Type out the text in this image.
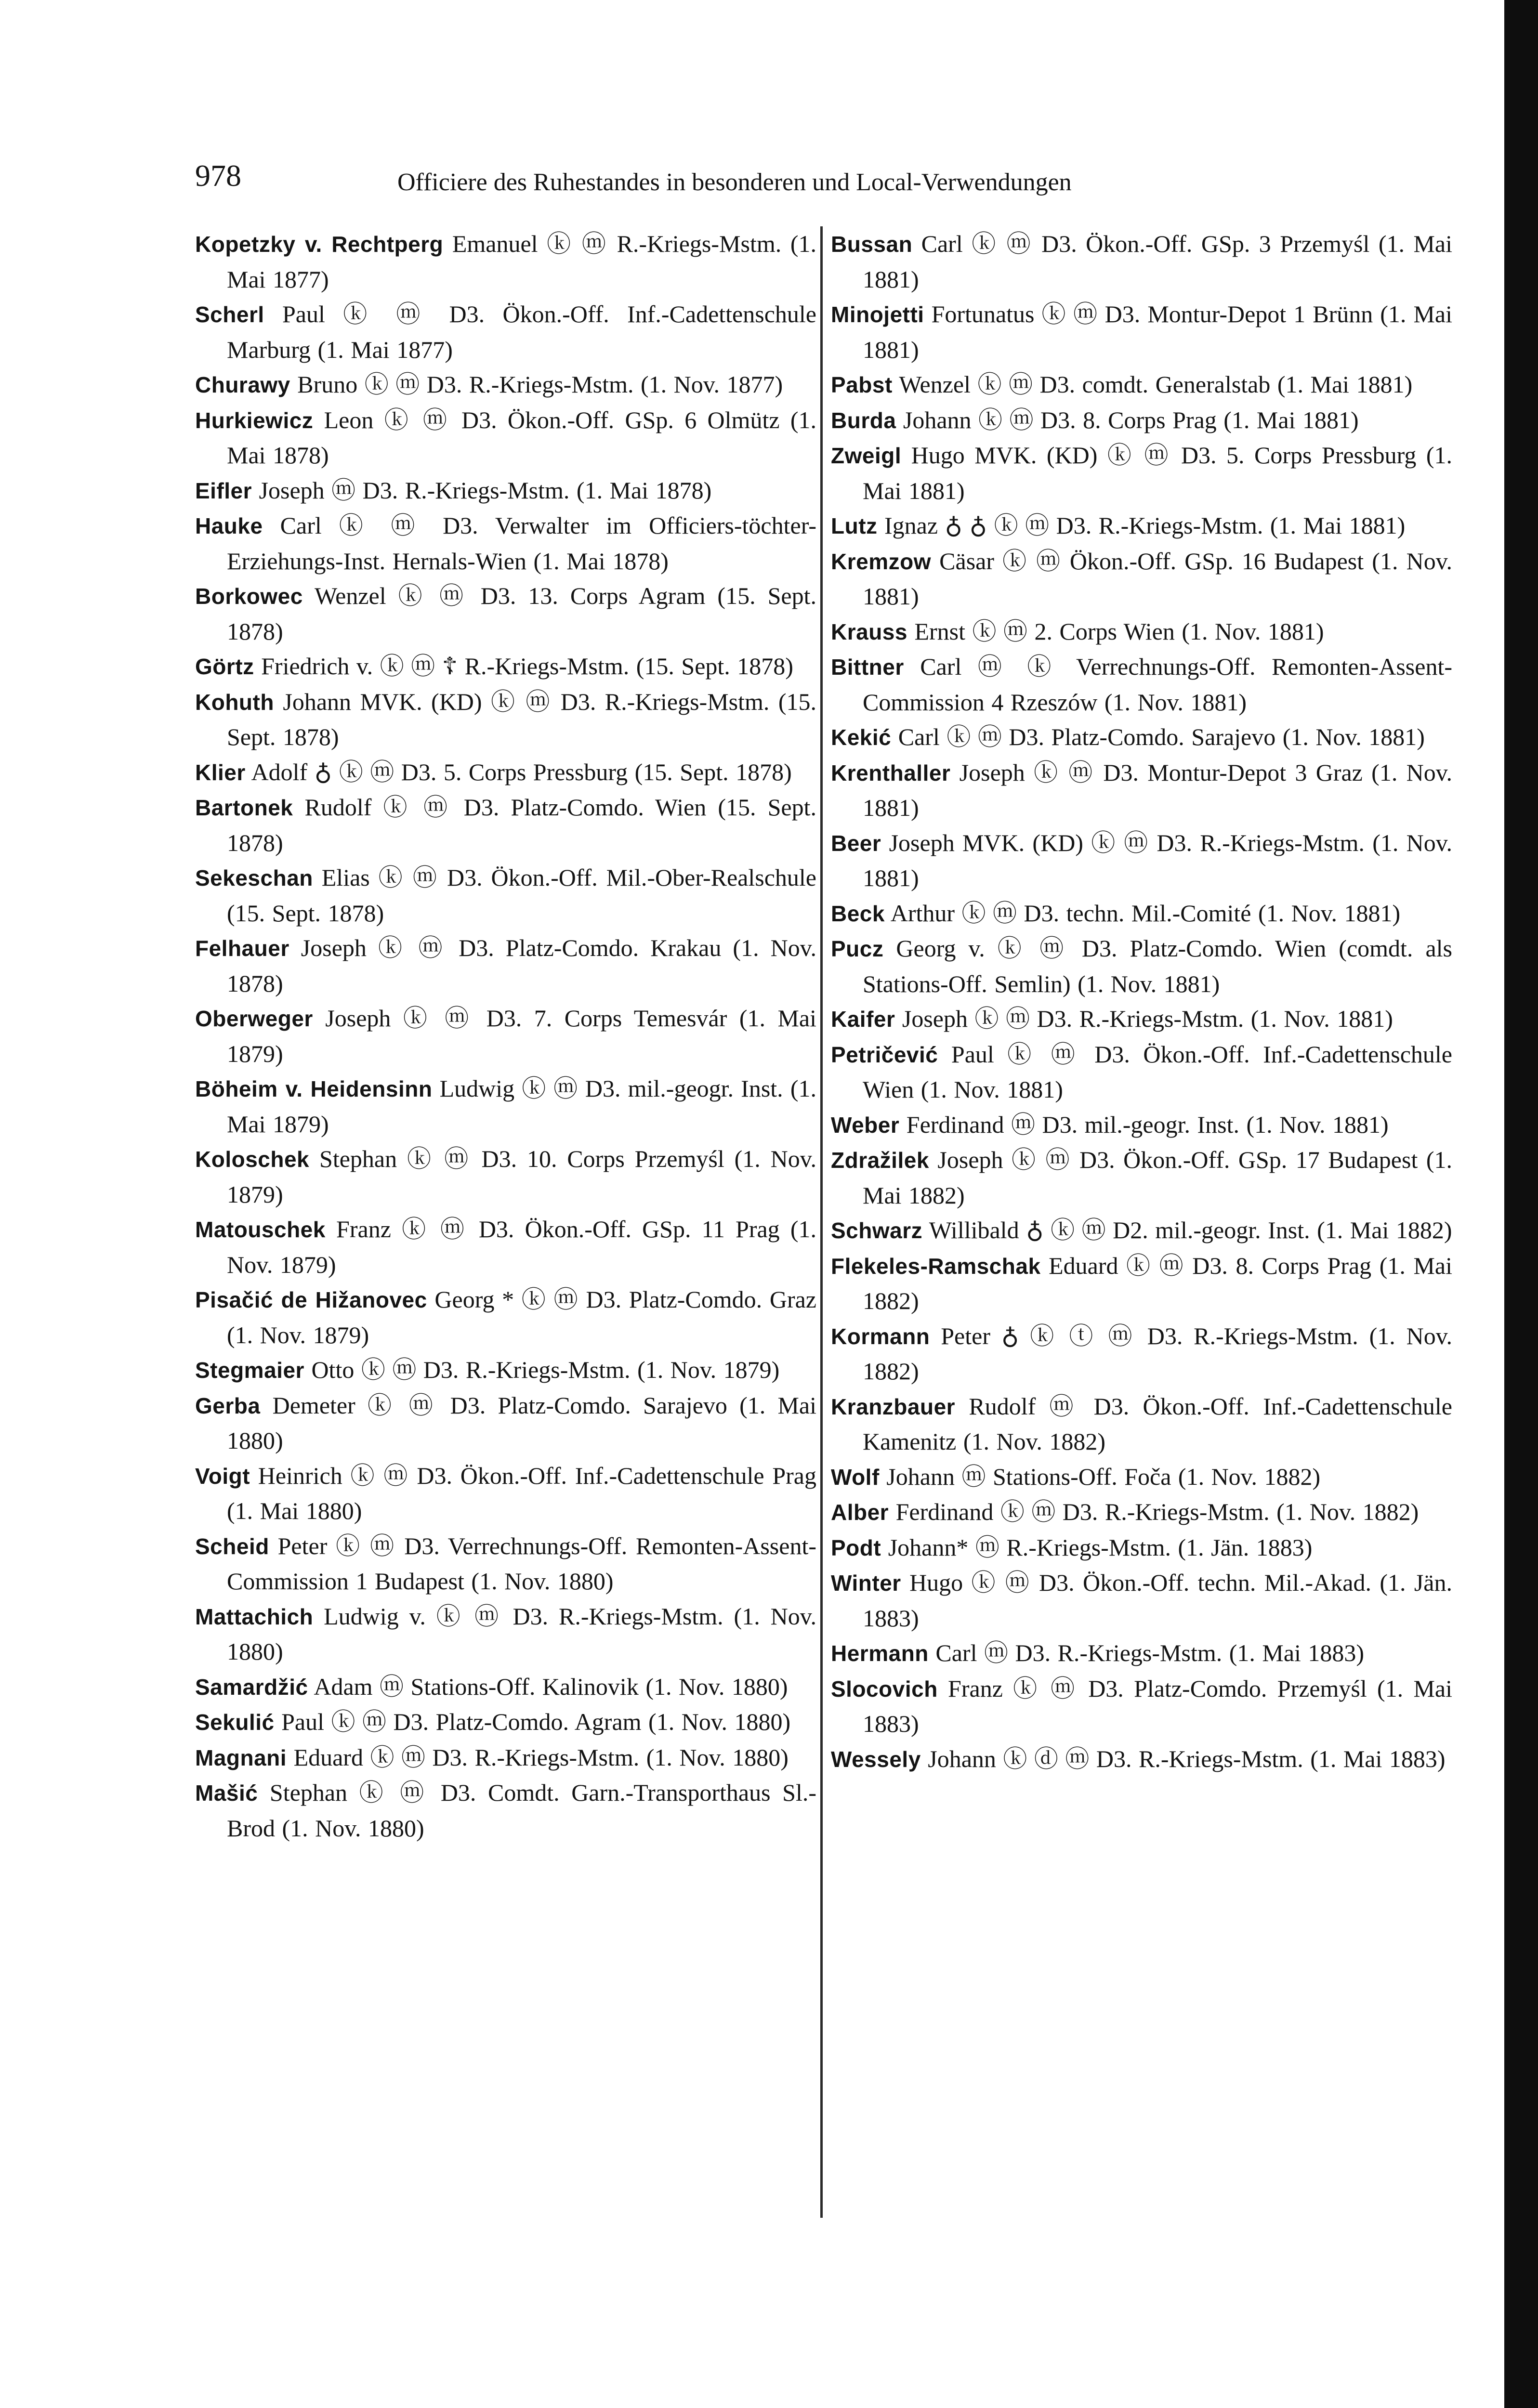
978	Officiere des Ruhestandes in besonderen und Local-Verwendungen
Kopetzky v. Rechtperg Emanuel ⓚ ⓜ R.-Kriegs-Mstm. (1. Mai 1877)
Scherl Paul ⓚ ⓜ D3. Ökon.-Off. Inf.-Cadettenschule Marburg (1. Mai 1877)
Churawy Bruno ⓚ ⓜ D3. R.-Kriegs-Mstm. (1. Nov. 1877)
Hurkiewicz Leon ⓚ ⓜ D3. Ökon.-Off. GSp. 6 Olmütz (1. Mai 1878)
Eifler Joseph ⓜ D3. R.-Kriegs-Mstm. (1. Mai 1878)
Hauke Carl ⓚ ⓜ D3. Verwalter im Officiers-töchter-Erziehungs-Inst. Hernals-Wien (1. Mai 1878)
Borkowec Wenzel ⓚ ⓜ D3. 13. Corps Agram (15. Sept. 1878)
Görtz Friedrich v. ⓚ ⓜ ☦ R.-Kriegs-Mstm. (15. Sept. 1878)
Kohuth Johann MVK. (KD) ⓚ ⓜ D3. R.-Kriegs-Mstm. (15. Sept. 1878)
Klier Adolf ♁ ⓚ ⓜ D3. 5. Corps Pressburg (15. Sept. 1878)
Bartonek Rudolf ⓚ ⓜ D3. Platz-Comdo. Wien (15. Sept. 1878)
Sekeschan Elias ⓚ ⓜ D3. Ökon.-Off. Mil.-Ober-Realschule (15. Sept. 1878)
Felhauer Joseph ⓚ ⓜ D3. Platz-Comdo. Krakau (1. Nov. 1878)
Oberweger Joseph ⓚ ⓜ D3. 7. Corps Temesvár (1. Mai 1879)
Böheim v. Heidensinn Ludwig ⓚ ⓜ D3. mil.-geogr. Inst. (1. Mai 1879)
Koloschek Stephan ⓚ ⓜ D3. 10. Corps Przemyśl (1. Nov. 1879)
Matouschek Franz ⓚ ⓜ D3. Ökon.-Off. GSp. 11 Prag (1. Nov. 1879)
Pisačić de Hižanovec Georg * ⓚ ⓜ D3. Platz-Comdo. Graz (1. Nov. 1879)
Stegmaier Otto ⓚ ⓜ D3. R.-Kriegs-Mstm. (1. Nov. 1879)
Gerba Demeter ⓚ ⓜ D3. Platz-Comdo. Sarajevo (1. Mai 1880)
Voigt Heinrich ⓚ ⓜ D3. Ökon.-Off. Inf.-Cadettenschule Prag (1. Mai 1880)
Scheid Peter ⓚ ⓜ D3. Verrechnungs-Off. Remonten-Assent-Commission 1 Budapest (1. Nov. 1880)
Mattachich Ludwig v. ⓚ ⓜ D3. R.-Kriegs-Mstm. (1. Nov. 1880)
Samardžić Adam ⓜ Stations-Off. Kalinovik (1. Nov. 1880)
Sekulić Paul ⓚ ⓜ D3. Platz-Comdo. Agram (1. Nov. 1880)
Magnani Eduard ⓚ ⓜ D3. R.-Kriegs-Mstm. (1. Nov. 1880)
Mašić Stephan ⓚ ⓜ D3. Comdt. Garn.-Transporthaus Sl.-Brod (1. Nov. 1880)
Bussan Carl ⓚ ⓜ D3. Ökon.-Off. GSp. 3 Przemyśl (1. Mai 1881)
Minojetti Fortunatus ⓚ ⓜ D3. Montur-Depot 1 Brünn (1. Mai 1881)
Pabst Wenzel ⓚ ⓜ D3. comdt. Generalstab (1. Mai 1881)
Burda Johann ⓚ ⓜ D3. 8. Corps Prag (1. Mai 1881)
Zweigl Hugo MVK. (KD) ⓚ ⓜ D3. 5. Corps Pressburg (1. Mai 1881)
Lutz Ignaz ♁ ♁ ⓚ ⓜ D3. R.-Kriegs-Mstm. (1. Mai 1881)
Kremzow Cäsar ⓚ ⓜ Ökon.-Off. GSp. 16 Budapest (1. Nov. 1881)
Krauss Ernst ⓚ ⓜ 2. Corps Wien (1. Nov. 1881)
Bittner Carl ⓜ ⓚ Verrechnungs-Off. Remonten-Assent-Commission 4 Rzeszów (1. Nov. 1881)
Kekić Carl ⓚ ⓜ D3. Platz-Comdo. Sarajevo (1. Nov. 1881)
Krenthaller Joseph ⓚ ⓜ D3. Montur-Depot 3 Graz (1. Nov. 1881)
Beer Joseph MVK. (KD) ⓚ ⓜ D3. R.-Kriegs-Mstm. (1. Nov. 1881)
Beck Arthur ⓚ ⓜ D3. techn. Mil.-Comité (1. Nov. 1881)
Pucz Georg v. ⓚ ⓜ D3. Platz-Comdo. Wien (comdt. als Stations-Off. Semlin) (1. Nov. 1881)
Kaifer Joseph ⓚ ⓜ D3. R.-Kriegs-Mstm. (1. Nov. 1881)
Petričević Paul ⓚ ⓜ D3. Ökon.-Off. Inf.-Cadettenschule Wien (1. Nov. 1881)
Weber Ferdinand ⓜ D3. mil.-geogr. Inst. (1. Nov. 1881)
Zdražilek Joseph ⓚ ⓜ D3. Ökon.-Off. GSp. 17 Budapest (1. Mai 1882)
Schwarz Willibald ♁ ⓚ ⓜ D2. mil.-geogr. Inst. (1. Mai 1882)
Flekeles-Ramschak Eduard ⓚ ⓜ D3. 8. Corps Prag (1. Mai 1882)
Kormann Peter ♁ ⓚ ⓣ ⓜ D3. R.-Kriegs-Mstm. (1. Nov. 1882)
Kranzbauer Rudolf ⓜ D3. Ökon.-Off. Inf.-Cadettenschule Kamenitz (1. Nov. 1882)
Wolf Johann ⓜ Stations-Off. Foča (1. Nov. 1882)
Alber Ferdinand ⓚ ⓜ D3. R.-Kriegs-Mstm. (1. Nov. 1882)
Podt Johann* ⓜ R.-Kriegs-Mstm. (1. Jän. 1883)
Winter Hugo ⓚ ⓜ D3. Ökon.-Off. techn. Mil.-Akad. (1. Jän. 1883)
Hermann Carl ⓜ D3. R.-Kriegs-Mstm. (1. Mai 1883)
Slocovich Franz ⓚ ⓜ D3. Platz-Comdo. Przemyśl (1. Mai 1883)
Wessely Johann ⓚ ⓓ ⓜ D3. R.-Kriegs-Mstm. (1. Mai 1883)
